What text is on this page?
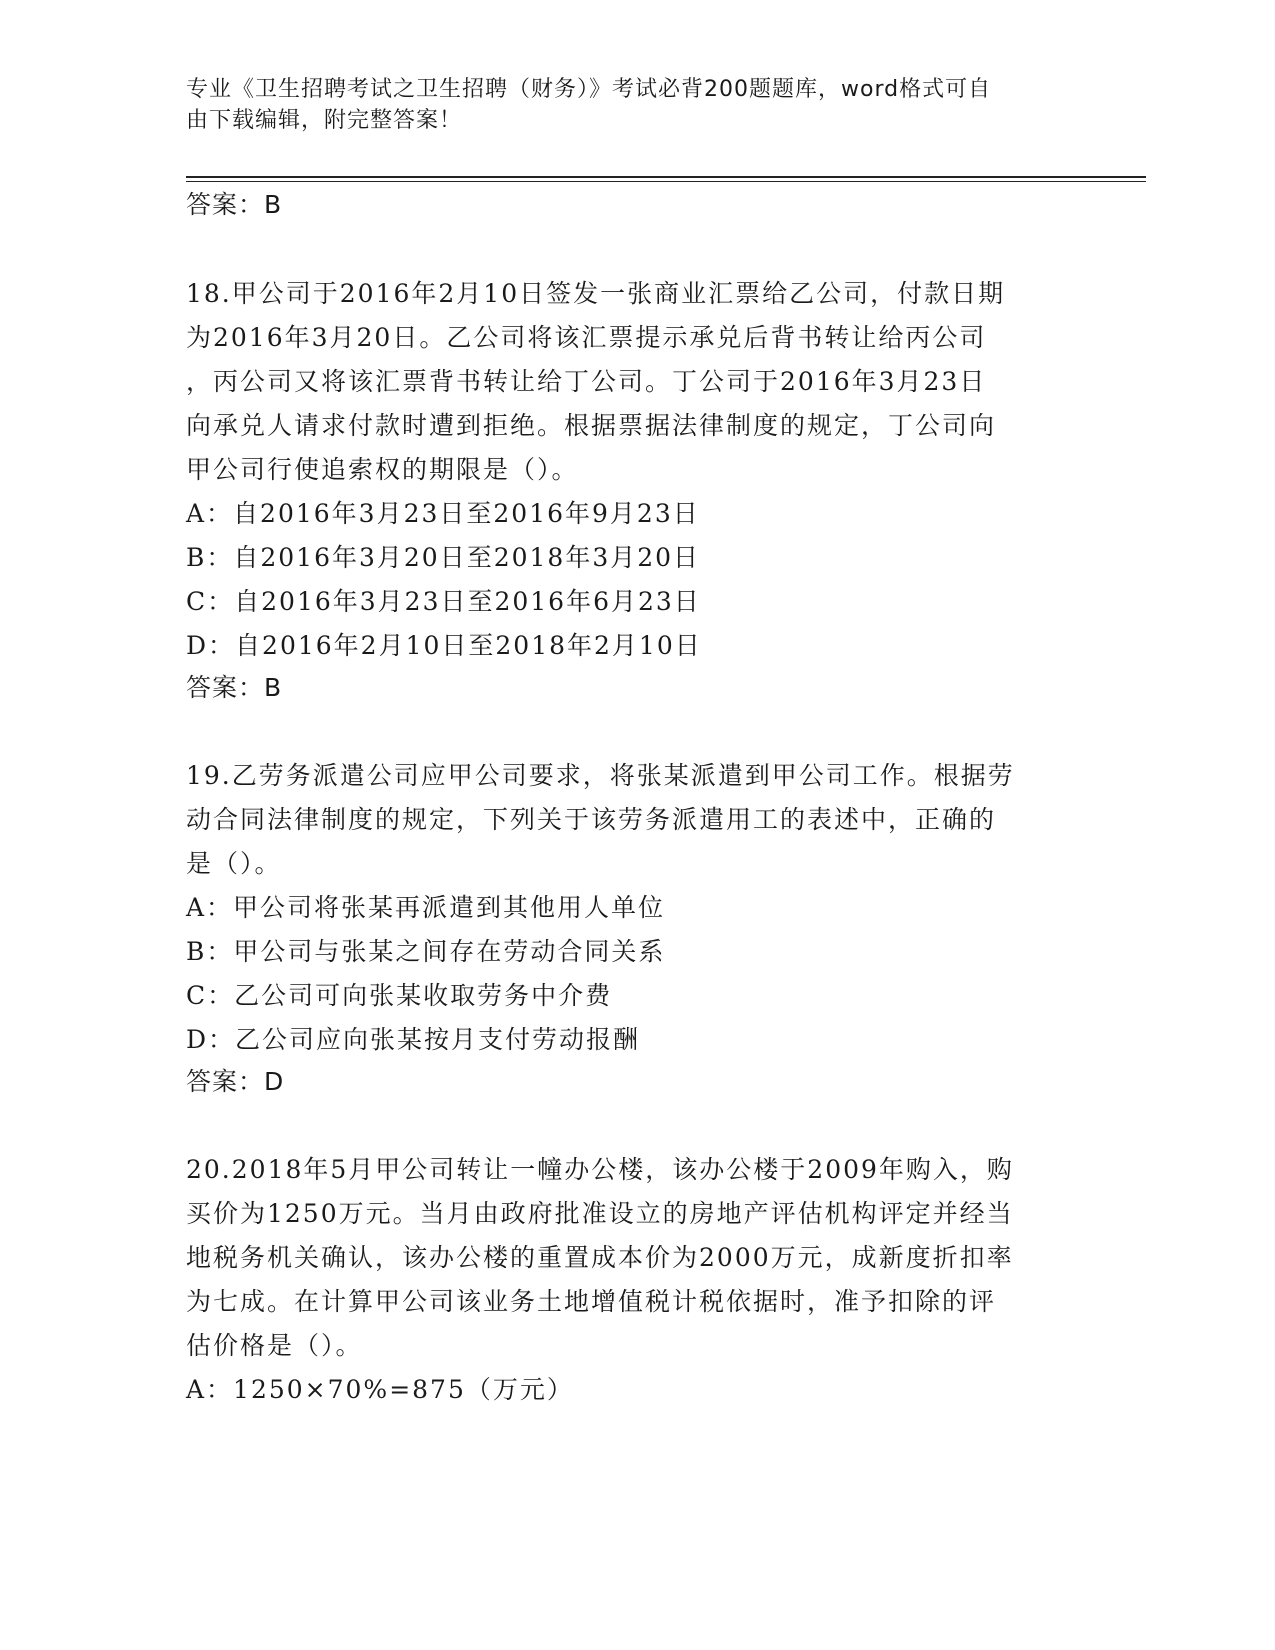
专业《卫生招聘考试之卫生招聘（财务）》考试必背200题题库，word格式可自
由下载编辑，附完整答案！
答案：B
18.甲公司于2016年2月10日签发一张商业汇票给乙公司，付款日期
为2016年3月20日。乙公司将该汇票提示承兑后背书转让给丙公司
，丙公司又将该汇票背书转让给丁公司。丁公司于2016年3月23日
向承兑人请求付款时遭到拒绝。根据票据法律制度的规定，丁公司向
甲公司行使追索权的期限是（）。
A：自2016年3月23日至2016年9月23日
B：自2016年3月20日至2018年3月20日
C：自2016年3月23日至2016年6月23日
D：自2016年2月10日至2018年2月10日
答案：B
19.乙劳务派遣公司应甲公司要求，将张某派遣到甲公司工作。根据劳
动合同法律制度的规定，下列关于该劳务派遣用工的表述中，正确的
是（）。
A：甲公司将张某再派遣到其他用人单位
B：甲公司与张某之间存在劳动合同关系
C：乙公司可向张某收取劳务中介费
D：乙公司应向张某按月支付劳动报酬
答案：D
20.2018年5月甲公司转让一幢办公楼，该办公楼于2009年购入，购
买价为1250万元。当月由政府批准设立的房地产评估机构评定并经当
地税务机关确认，该办公楼的重置成本价为2000万元，成新度折扣率
为七成。在计算甲公司该业务土地增值税计税依据时，准予扣除的评
估价格是（）。
A：1250×70%=875（万元）
